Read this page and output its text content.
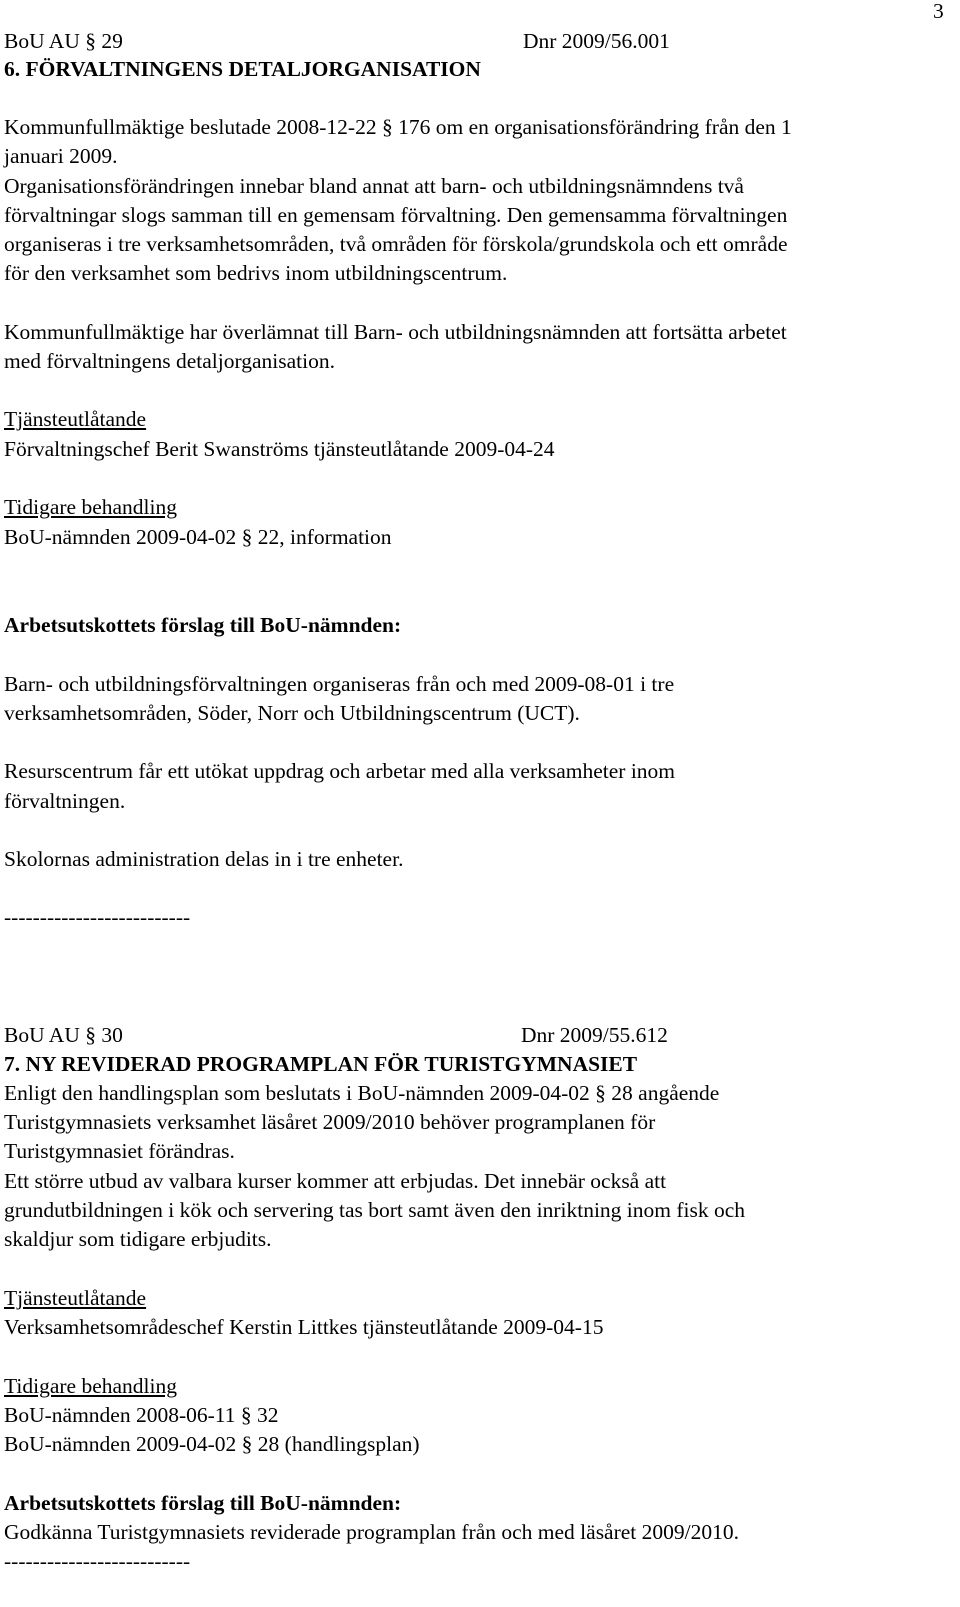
3
BoU AU § 29	Dnr 2009/56.001
6. FÖRVALTNINGENS DETALJORGANISATION
Kommunfullmäktige beslutade 2008-12-22 § 176 om en organisationsförändring från den 1
januari 2009.
Organisationsförändringen innebar bland annat att barn- och utbildningsnämndens två
förvaltningar slogs samman till en gemensam förvaltning. Den gemensamma förvaltningen
organiseras i tre verksamhetsområden, två områden för förskola/grundskola och ett område
för den verksamhet som bedrivs inom utbildningscentrum.
Kommunfullmäktige har överlämnat till Barn- och utbildningsnämnden att fortsätta arbetet
med förvaltningens detaljorganisation.
Tjänsteutlåtande
Förvaltningschef Berit Swanströms tjänsteutlåtande 2009-04-24
Tidigare behandling
BoU-nämnden 2009-04-02 § 22, information
Arbetsutskottets förslag till BoU-nämnden:
Barn- och utbildningsförvaltningen organiseras från och med 2009-08-01 i tre
verksamhetsområden, Söder, Norr och Utbildningscentrum (UCT).
Resurscentrum får ett utökat uppdrag och arbetar med alla verksamheter inom
förvaltningen.
Skolornas administration delas in i tre enheter.
--------------------------
BoU AU § 30	Dnr 2009/55.612
7. NY REVIDERAD PROGRAMPLAN FÖR TURISTGYMNASIET
Enligt den handlingsplan som beslutats i BoU-nämnden 2009-04-02 § 28 angående
Turistgymnasiets verksamhet läsåret 2009/2010 behöver programplanen för
Turistgymnasiet förändras.
Ett större utbud av valbara kurser kommer att erbjudas. Det innebär också att
grundutbildningen i kök och servering tas bort samt även den inriktning inom fisk och
skaldjur som tidigare erbjudits.
Tjänsteutlåtande
Verksamhetsområdeschef Kerstin Littkes tjänsteutlåtande 2009-04-15
Tidigare behandling
BoU-nämnden 2008-06-11 § 32
BoU-nämnden 2009-04-02 § 28 (handlingsplan)
Arbetsutskottets förslag till BoU-nämnden:
Godkänna Turistgymnasiets reviderade programplan från och med läsåret 2009/2010.
--------------------------
